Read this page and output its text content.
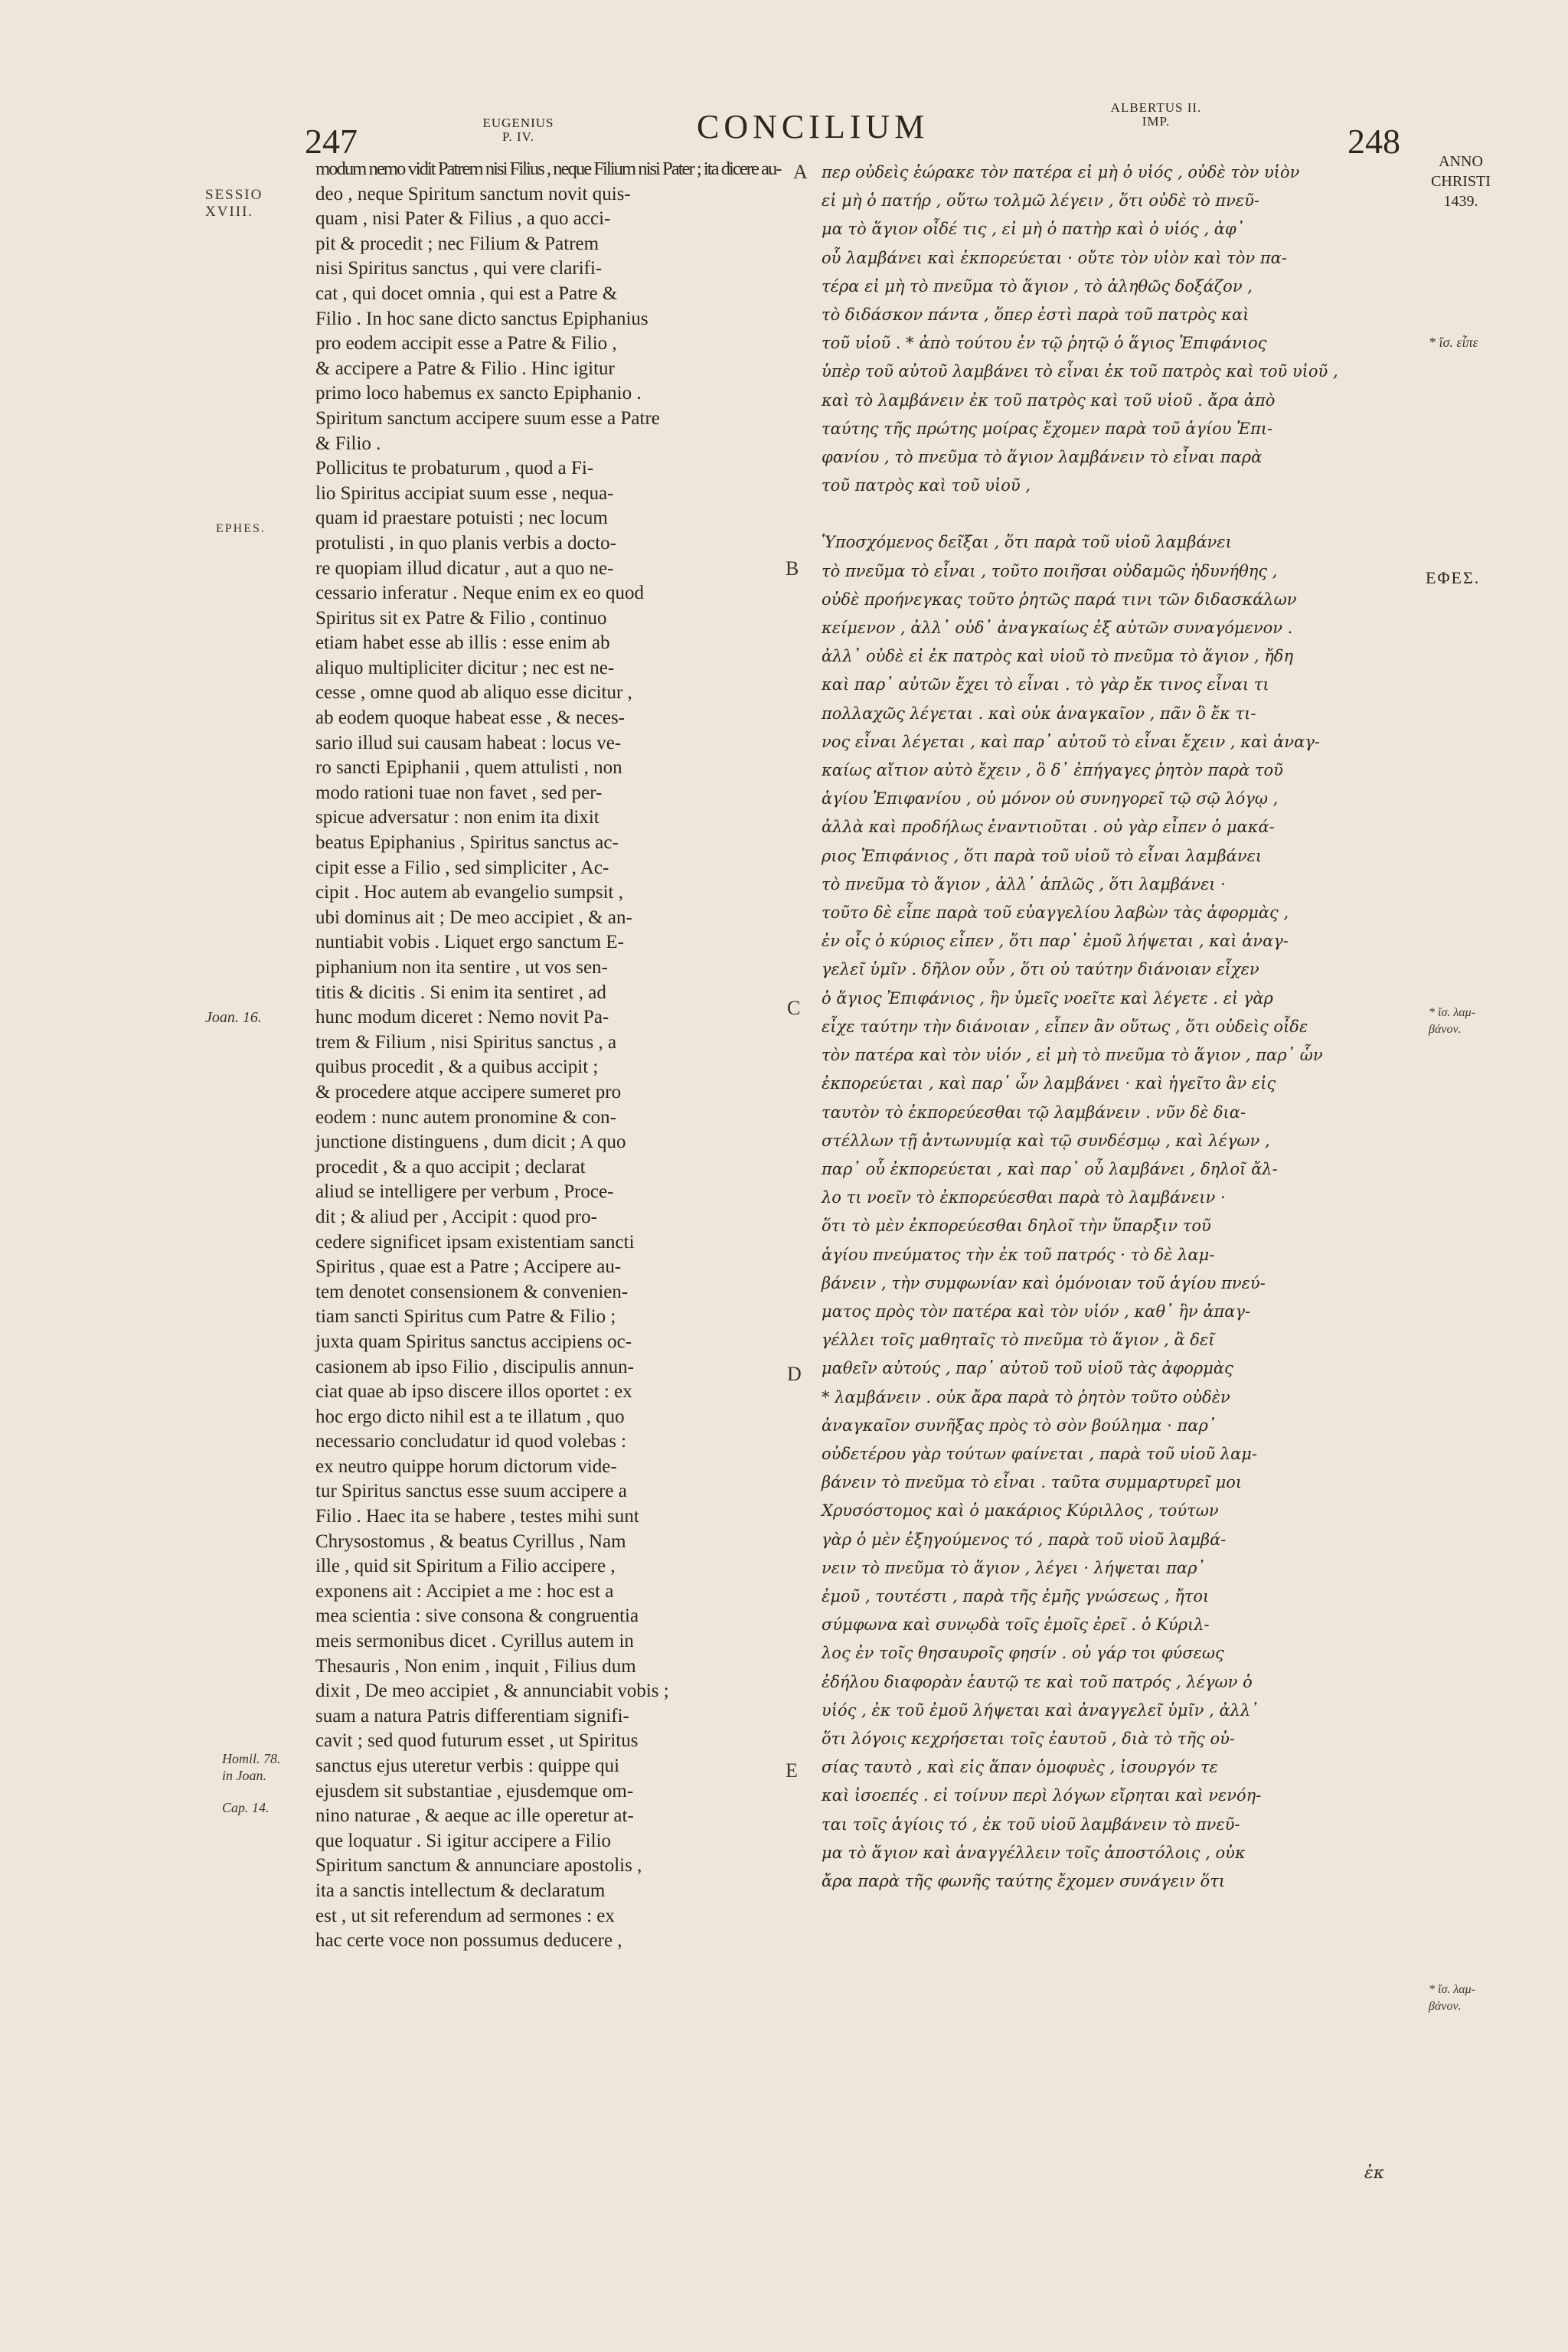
247	EUGENIUS
P. IV.	CONCILIUM
ALBERTUS II.
IMP.
248
ANNO
CHRISTI
1439.
SESSIO
XVIII.
EPHES.
Joan. 16.
Homil. 78.
in Joan.
Cap. 14.
* ἴσ. εἶπε
ΕΦΕΣ.
* ἴσ. λαμ-
βάνον.
* ἴσ. λαμ-
βάνον.
A
B
C
D
E
modum nemo vidit Patrem nisi Filius , neque Filium nisi Pater ; ita dicere au-
deo , neque Spiritum sanctum novit quis-
quam , nisi Pater & Filius , a quo acci-
pit & procedit ; nec Filium & Patrem
nisi Spiritus sanctus , qui vere clarifi-
cat , qui docet omnia , qui est a Patre &
Filio . In hoc sane dicto sanctus Epiphanius
pro eodem accipit esse a Patre & Filio ,
& accipere a Patre & Filio . Hinc igitur
primo loco habemus ex sancto Epiphanio .
Spiritum sanctum accipere suum esse a Patre
& Filio .
Pollicitus te probaturum , quod a Fi-
lio Spiritus accipiat suum esse , nequa-
quam id praestare potuisti ; nec locum
protulisti , in quo planis verbis a docto-
re quopiam illud dicatur , aut a quo ne-
cessario inferatur . Neque enim ex eo quod
Spiritus sit ex Patre & Filio , continuo
etiam habet esse ab illis : esse enim ab
aliquo multipliciter dicitur ; nec est ne-
cesse , omne quod ab aliquo esse dicitur ,
ab eodem quoque habeat esse , & neces-
sario illud sui causam habeat : locus ve-
ro sancti Epiphanii , quem attulisti , non
modo rationi tuae non favet , sed per-
spicue adversatur : non enim ita dixit
beatus Epiphanius , Spiritus sanctus ac-
cipit esse a Filio , sed simpliciter , Ac-
cipit . Hoc autem ab evangelio sumpsit ,
ubi dominus ait ; De meo accipiet , & an-
nuntiabit vobis . Liquet ergo sanctum E-
piphanium non ita sentire , ut vos sen-
titis & dicitis . Si enim ita sentiret , ad
hunc modum diceret : Nemo novit Pa-
trem & Filium , nisi Spiritus sanctus , a
quibus procedit , & a quibus accipit ;
& procedere atque accipere sumeret pro
eodem : nunc autem pronomine & con-
junctione distinguens , dum dicit ; A quo
procedit , & a quo accipit ; declarat
aliud se intelligere per verbum , Proce-
dit ; & aliud per , Accipit : quod pro-
cedere significet ipsam existentiam sancti
Spiritus , quae est a Patre ; Accipere au-
tem denotet consensionem & convenien-
tiam sancti Spiritus cum Patre & Filio ;
juxta quam Spiritus sanctus accipiens oc-
casionem ab ipso Filio , discipulis annun-
ciat quae ab ipso discere illos oportet : ex
hoc ergo dicto nihil est a te illatum , quo
necessario concludatur id quod volebas :
ex neutro quippe horum dictorum vide-
tur Spiritus sanctus esse suum accipere a
Filio . Haec ita se habere , testes mihi sunt
Chrysostomus , & beatus Cyrillus , Nam
ille , quid sit Spiritum a Filio accipere ,
exponens ait : Accipiet a me : hoc est a
mea scientia : sive consona & congruentia
meis sermonibus dicet . Cyrillus autem in
Thesauris , Non enim , inquit , Filius dum
dixit , De meo accipiet , & annunciabit vobis ;
suam a natura Patris differentiam signifi-
cavit ; sed quod futurum esset , ut Spiritus
sanctus ejus uteretur verbis : quippe qui
ejusdem sit substantiae , ejusdemque om-
nino naturae , & aeque ac ille operetur at-
que loquatur . Si igitur accipere a Filio
Spiritum sanctum & annunciare apostolis ,
ita a sanctis intellectum & declaratum
est , ut sit referendum ad sermones : ex
hac certe voce non possumus deducere ,
περ οὐδεὶς ἑώρακε τὸν πατέρα εἰ μὴ ὁ υἱός , οὐδὲ τὸν υἱὸν
εἰ μὴ ὁ πατήρ , οὕτω τολμῶ λέγειν , ὅτι οὐδὲ τὸ πνεῦ-
μα τὸ ἅγιον οἶδέ τις , εἰ μὴ ὁ πατὴρ καὶ ὁ υἱός , ἀφ᾿
οὗ λαμβάνει καὶ ἐκπορεύεται · οὔτε τὸν υἱὸν καὶ τὸν πα-
τέρα εἰ μὴ τὸ πνεῦμα τὸ ἅγιον , τὸ ἀληθῶς δοξάζον ,
τὸ διδάσκον πάντα , ὅπερ ἐστὶ παρὰ τοῦ πατρὸς καὶ
τοῦ υἱοῦ . * ἀπὸ τούτου ἐν τῷ ῥητῷ ὁ ἅγιος Ἐπιφάνιος
ὑπὲρ τοῦ αὐτοῦ λαμβάνει τὸ εἶναι ἐκ τοῦ πατρὸς καὶ τοῦ υἱοῦ ,
καὶ τὸ λαμβάνειν ἐκ τοῦ πατρὸς καὶ τοῦ υἱοῦ . ἄρα ἀπὸ
ταύτης τῆς πρώτης μοίρας ἔχομεν παρὰ τοῦ ἁγίου Ἐπι-
φανίου , τὸ πνεῦμα τὸ ἅγιον λαμβάνειν τὸ εἶναι παρὰ
τοῦ πατρὸς καὶ τοῦ υἱοῦ ,
Ὑποσχόμενος δεῖξαι , ὅτι παρὰ τοῦ υἱοῦ λαμβάνει
τὸ πνεῦμα τὸ εἶναι , τοῦτο ποιῆσαι οὐδαμῶς ἠδυνήθης ,
οὐδὲ προήνεγκας τοῦτο ῥητῶς παρά τινι τῶν διδασκάλων
κείμενον , ἀλλ᾿ οὐδ᾿ ἀναγκαίως ἐξ αὐτῶν συναγόμενον .
ἀλλ᾿ οὐδὲ εἰ ἐκ πατρὸς καὶ υἱοῦ τὸ πνεῦμα τὸ ἅγιον , ἤδη
καὶ παρ᾿ αὐτῶν ἔχει τὸ εἶναι . τὸ γὰρ ἔκ τινος εἶναι τι
πολλαχῶς λέγεται . καὶ οὐκ ἀναγκαῖον , πᾶν ὃ ἔκ τι-
νος εἶναι λέγεται , καὶ παρ᾿ αὐτοῦ τὸ εἶναι ἔχειν , καὶ ἀναγ-
καίως αἴτιον αὐτὸ ἔχειν , ὃ δ᾿ ἐπήγαγες ῥητὸν παρὰ τοῦ
ἁγίου Ἐπιφανίου , οὐ μόνον οὐ συνηγορεῖ τῷ σῷ λόγῳ ,
ἀλλὰ καὶ προδήλως ἐναντιοῦται . οὐ γὰρ εἶπεν ὁ μακά-
ριος Ἐπιφάνιος , ὅτι παρὰ τοῦ υἱοῦ τὸ εἶναι λαμβάνει
τὸ πνεῦμα τὸ ἅγιον , ἀλλ᾿ ἁπλῶς , ὅτι λαμβάνει ·
τοῦτο δὲ εἶπε παρὰ τοῦ εὐαγγελίου λαβὼν τὰς ἀφορμὰς ,
ἐν οἷς ὁ κύριος εἶπεν , ὅτι παρ᾿ ἐμοῦ λήψεται , καὶ ἀναγ-
γελεῖ ὑμῖν . δῆλον οὖν , ὅτι οὐ ταύτην διάνοιαν εἶχεν
ὁ ἅγιος Ἐπιφάνιος , ἣν ὑμεῖς νοεῖτε καὶ λέγετε . εἰ γὰρ
εἶχε ταύτην τὴν διάνοιαν , εἶπεν ἂν οὕτως , ὅτι οὐδεὶς οἶδε
τὸν πατέρα καὶ τὸν υἱόν , εἰ μὴ τὸ πνεῦμα τὸ ἅγιον , παρ᾿ ὧν
ἐκπορεύεται , καὶ παρ᾿ ὧν λαμβάνει · καὶ ἡγεῖτο ἂν εἰς
ταυτὸν τὸ ἐκπορεύεσθαι τῷ λαμβάνειν . νῦν δὲ δια-
στέλλων τῇ ἀντωνυμίᾳ καὶ τῷ συνδέσμῳ , καὶ λέγων ,
παρ᾿ οὗ ἐκπορεύεται , καὶ παρ᾿ οὗ λαμβάνει , δηλοῖ ἄλ-
λο τι νοεῖν τὸ ἐκπορεύεσθαι παρὰ τὸ λαμβάνειν ·
ὅτι τὸ μὲν ἐκπορεύεσθαι δηλοῖ τὴν ὕπαρξιν τοῦ
ἁγίου πνεύματος τὴν ἐκ τοῦ πατρός · τὸ δὲ λαμ-
βάνειν , τὴν συμφωνίαν καὶ ὁμόνοιαν τοῦ ἁγίου πνεύ-
ματος πρὸς τὸν πατέρα καὶ τὸν υἱόν , καθ᾿ ἣν ἀπαγ-
γέλλει τοῖς μαθηταῖς τὸ πνεῦμα τὸ ἅγιον , ἃ δεῖ
μαθεῖν αὐτούς , παρ᾿ αὐτοῦ τοῦ υἱοῦ τὰς ἀφορμὰς
* λαμβάνειν . οὐκ ἄρα παρὰ τὸ ῥητὸν τοῦτο οὐδὲν
ἀναγκαῖον συνῆξας πρὸς τὸ σὸν βούλημα · παρ᾿
οὐδετέρου γὰρ τούτων φαίνεται , παρὰ τοῦ υἱοῦ λαμ-
βάνειν τὸ πνεῦμα τὸ εἶναι . ταῦτα συμμαρτυρεῖ μοι
Χρυσόστομος καὶ ὁ μακάριος Κύριλλος , τούτων
γὰρ ὁ μὲν ἐξηγούμενος τό , παρὰ τοῦ υἱοῦ λαμβά-
νειν τὸ πνεῦμα τὸ ἅγιον , λέγει · λήψεται παρ᾿
ἐμοῦ , τουτέστι , παρὰ τῆς ἐμῆς γνώσεως , ἤτοι
σύμφωνα καὶ συνῳδὰ τοῖς ἐμοῖς ἐρεῖ . ὁ Κύριλ-
λος ἐν τοῖς θησαυροῖς φησίν . οὐ γάρ τοι φύσεως
ἐδήλου διαφορὰν ἑαυτῷ τε καὶ τοῦ πατρός , λέγων ὁ
υἱός , ἐκ τοῦ ἐμοῦ λήψεται καὶ ἀναγγελεῖ ὑμῖν , ἀλλ᾿
ὅτι λόγοις κεχρήσεται τοῖς ἑαυτοῦ , διὰ τὸ τῆς οὐ-
σίας ταυτὸ , καὶ εἰς ἅπαν ὁμοφυὲς , ἰσουργόν τε
καὶ ἰσοεπές . εἰ τοίνυν περὶ λόγων εἴρηται καὶ νενόη-
ται τοῖς ἁγίοις τό , ἐκ τοῦ υἱοῦ λαμβάνειν τὸ πνεῦ-
μα τὸ ἅγιον καὶ ἀναγγέλλειν τοῖς ἀποστόλοις , οὐκ
ἄρα παρὰ τῆς φωνῆς ταύτης ἔχομεν συνάγειν ὅτι
ἐκ
